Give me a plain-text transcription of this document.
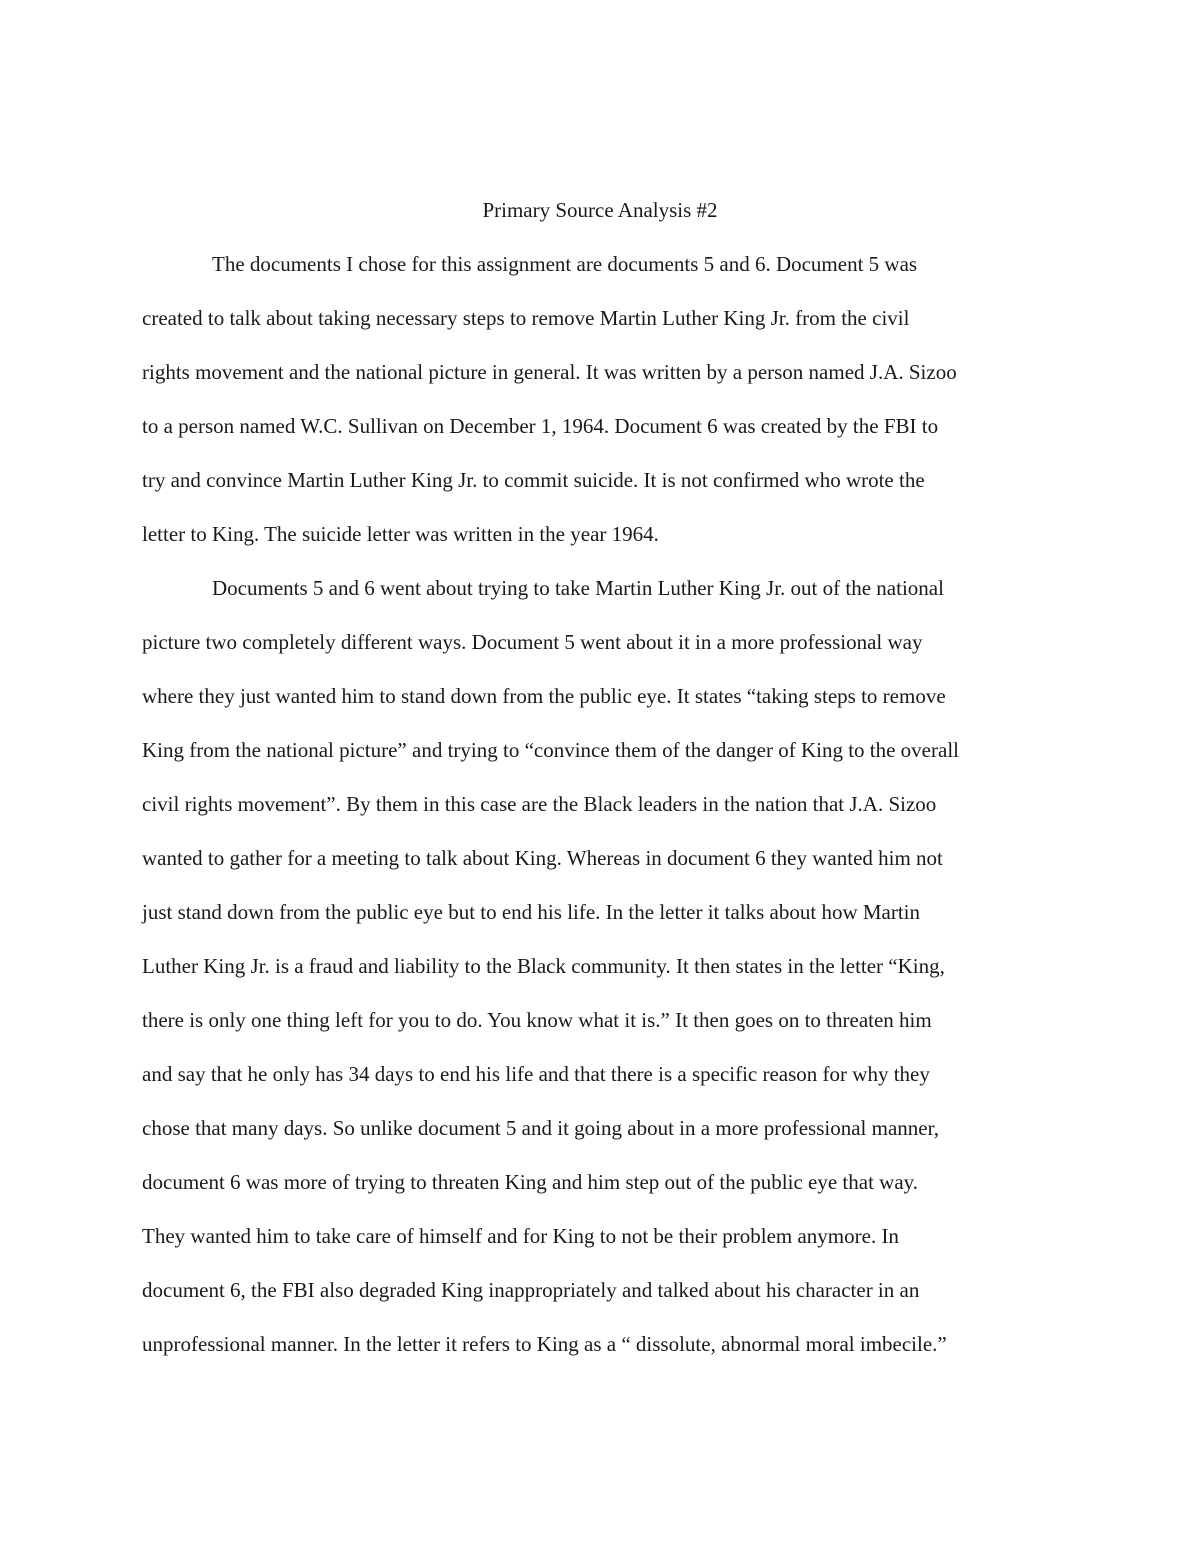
Primary Source Analysis #2
The documents I chose for this assignment are documents 5 and 6. Document 5 was
created to talk about taking necessary steps to remove Martin Luther King Jr. from the civil
rights movement and the national picture in general. It was written by a person named J.A. Sizoo
to a person named W.C. Sullivan on December 1, 1964. Document 6 was created by the FBI to
try and convince Martin Luther King Jr. to commit suicide. It is not confirmed who wrote the
letter to King. The suicide letter was written in the year 1964.
Documents 5 and 6 went about trying to take Martin Luther King Jr. out of the national
picture two completely different ways. Document 5 went about it in a more professional way
where they just wanted him to stand down from the public eye. It states “taking steps to remove
King from the national picture” and trying to “convince them of the danger of King to the overall
civil rights movement”. By them in this case are the Black leaders in the nation that J.A. Sizoo
wanted to gather for a meeting to talk about King. Whereas in document 6 they wanted him not
just stand down from the public eye but to end his life. In the letter it talks about how Martin
Luther King Jr. is a fraud and liability to the Black community. It then states in the letter “King,
there is only one thing left for you to do. You know what it is.” It then goes on to threaten him
and say that he only has 34 days to end his life and that there is a specific reason for why they
chose that many days. So unlike document 5 and it going about in a more professional manner,
document 6 was more of trying to threaten King and him step out of the public eye that way.
They wanted him to take care of himself and for King to not be their problem anymore. In
document 6, the FBI also degraded King inappropriately and talked about his character in an
unprofessional manner. In the letter it refers to King as a “ dissolute, abnormal moral imbecile.”
